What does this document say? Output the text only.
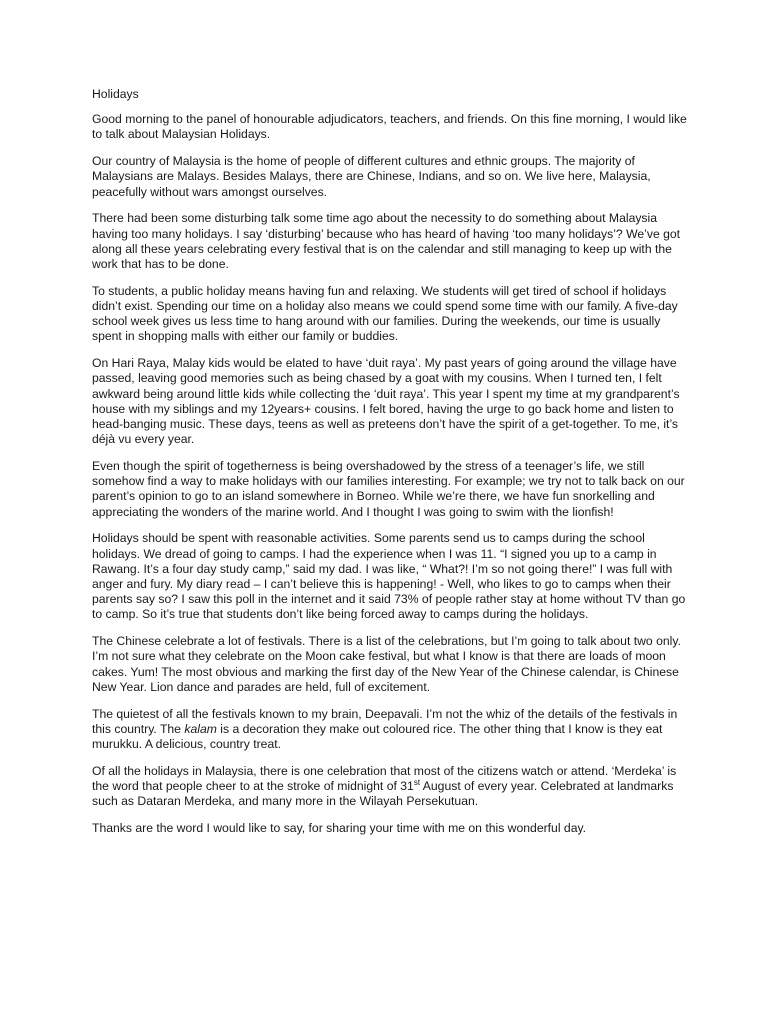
Holidays

Good morning to the panel of honourable adjudicators, teachers, and friends. On this fine morning, I would like to talk about Malaysian Holidays.

Our country of Malaysia is the home of people of different cultures and ethnic groups. The majority of Malaysians are Malays. Besides Malays, there are Chinese, Indians, and so on. We live here, Malaysia, peacefully without wars amongst ourselves.

There had been some disturbing talk some time ago about the necessity to do something about Malaysia having too many holidays. I say ‘disturbing’ because who has heard of having ‘too many holidays’? We’ve got along all these years celebrating every festival that is on the calendar and still managing to keep up with the work that has to be done.

To students, a public holiday means having fun and relaxing. We students will get tired of school if holidays didn’t exist. Spending our time on a holiday also means we could spend some time with our family. A five-day school week gives us less time to hang around with our families. During the weekends, our time is usually spent in shopping malls with either our family or buddies.

On Hari Raya, Malay kids would be elated to have ‘duit raya’. My past years of going around the village have passed, leaving good memories such as being chased by a goat with my cousins. When I turned ten, I felt awkward being around little kids while collecting the ‘duit raya’. This year I spent my time at my grandparent’s house with my siblings and my 12years+ cousins. I felt bored, having the urge to go back home and listen to head-banging music. These days, teens as well as preteens don’t have the spirit of a get-together. To me, it’s déjà vu every year.

Even though the spirit of togetherness is being overshadowed by the stress of a teenager’s life, we still somehow find a way to make holidays with our families interesting. For example; we try not to talk back on our parent’s opinion to go to an island somewhere in Borneo. While we’re there, we have fun snorkelling and appreciating the wonders of the marine world. And I thought I was going to swim with the lionfish!

Holidays should be spent with reasonable activities. Some parents send us to camps during the school holidays. We dread of going to camps. I had the experience when I was 11. “I signed you up to a camp in Rawang. It’s a four day study camp,” said my dad. I was like, “ What?! I’m so not going there!” I was full with anger and fury. My diary read – I can’t believe this is happening! - Well, who likes to go to camps when their parents say so? I saw this poll in the internet and it said 73% of people rather stay at home without TV than go to camp. So it’s true that students don’t like being forced away to camps during the holidays.

The Chinese celebrate a lot of festivals. There is a list of the celebrations, but I’m going to talk about two only. I’m not sure what they celebrate on the Moon cake festival, but what I know is that there are loads of moon cakes. Yum! The most obvious and marking the first day of the New Year of the Chinese calendar, is Chinese New Year. Lion dance and parades are held, full of excitement.

The quietest of all the festivals known to my brain, Deepavali. I’m not the whiz of the details of the festivals in this country. The kalam is a decoration they make out coloured rice. The other thing that I know is they eat murukku. A delicious, country treat.

Of all the holidays in Malaysia, there is one celebration that most of the citizens watch or attend. ‘Merdeka’ is the word that people cheer to at the stroke of midnight of 31st August of every year. Celebrated at landmarks such as Dataran Merdeka, and many more in the Wilayah Persekutuan.

Thanks are the word I would like to say, for sharing your time with me on this wonderful day.
